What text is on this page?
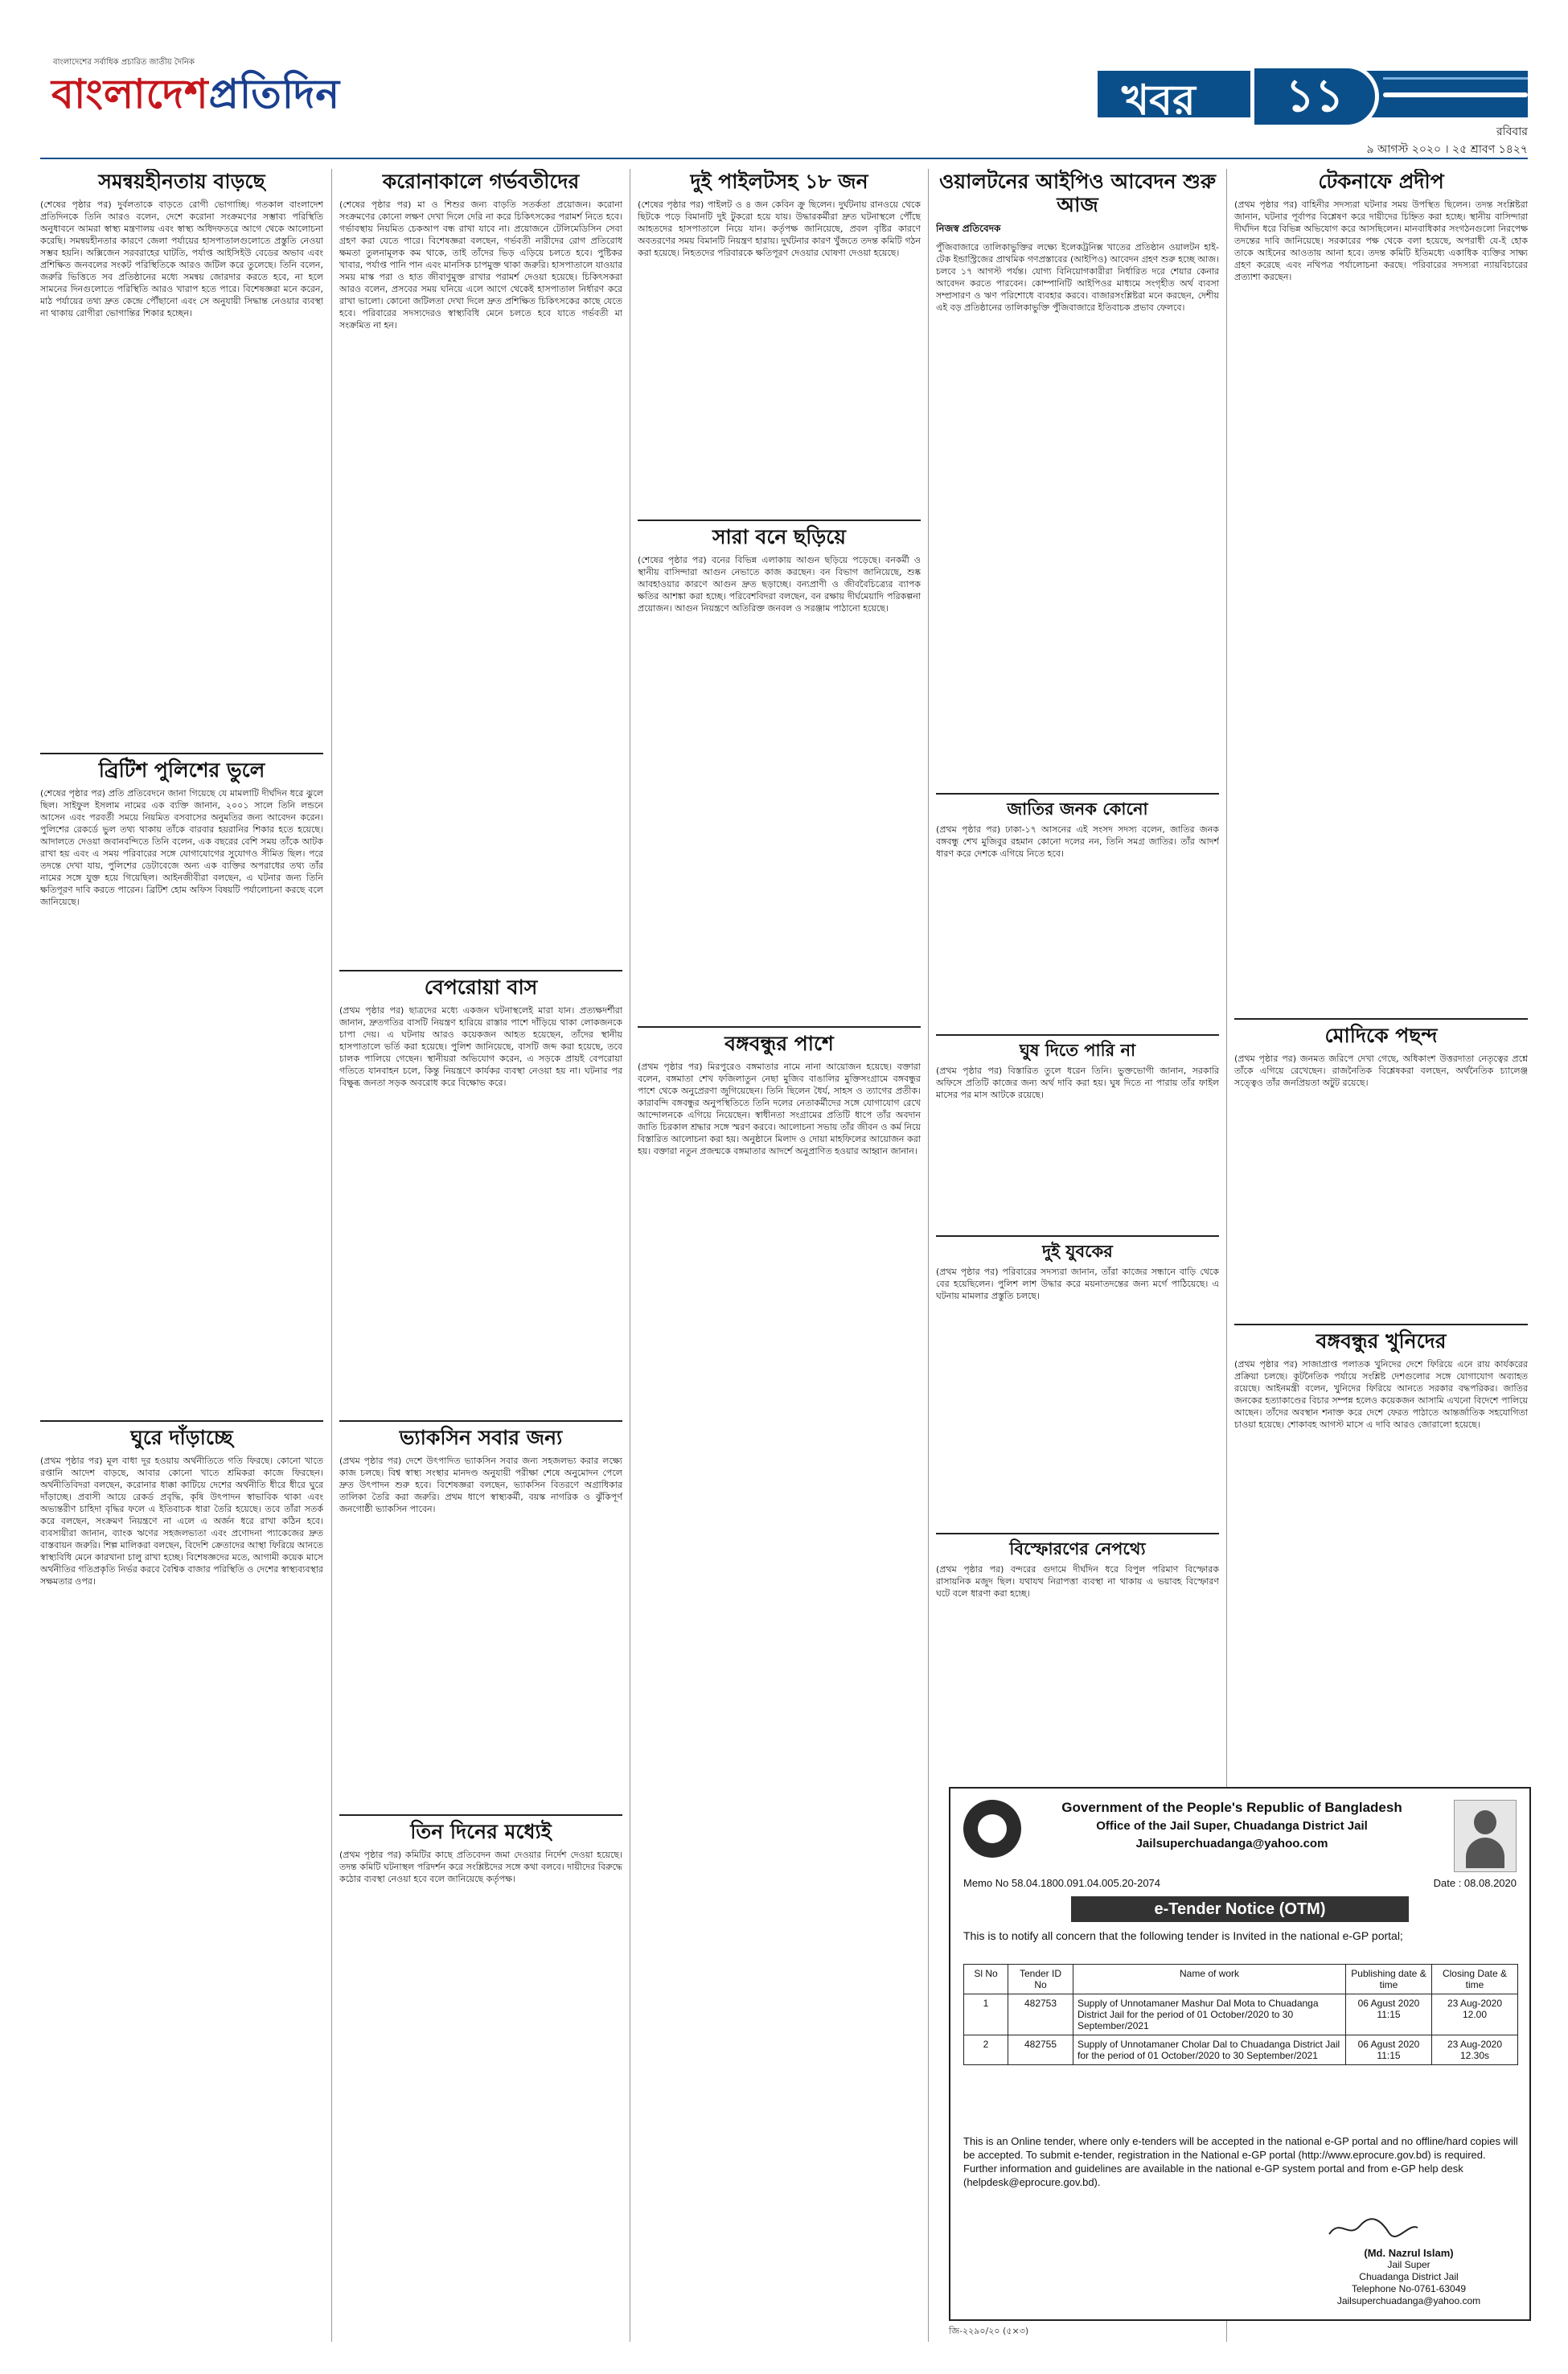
বাংলাদেশের সর্বাধিক প্রচারিত জাতীয় দৈনিক
বাংলাদেশপ্রতিদিন	খবর	১১
রবিবার
৯ আগস্ট ২০২০ । ২৫ শ্রাবণ ১৪২৭
সমন্বয়হীনতায় বাড়ছে
(শেষের পৃষ্ঠার পর) দুর্বলতাকে বাড়তে রোগী ভোগাচ্ছি। গতকাল বাংলাদেশ প্রতিদিনকে তিনি আরও বলেন, দেশে করোনা সংক্রমণের সম্ভাব্য পরিস্থিতি অনুধাবনে আমরা স্বাস্থ্য মন্ত্রণালয় এবং স্বাস্থ্য অধিদফতরে আগে থেকে আলোচনা করেছি। সমন্বয়হীনতার কারণে জেলা পর্যায়ের হাসপাতালগুলোতে প্রস্তুতি নেওয়া সম্ভব হয়নি। অক্সিজেন সরবরাহের ঘাটতি, পর্যাপ্ত আইসিইউ বেডের অভাব এবং প্রশিক্ষিত জনবলের সংকট পরিস্থিতিকে আরও জটিল করে তুলেছে। তিনি বলেন, জরুরি ভিত্তিতে সব প্রতিষ্ঠানের মধ্যে সমন্বয় জোরদার করতে হবে, না হলে সামনের দিনগুলোতে পরিস্থিতি আরও খারাপ হতে পারে। বিশেষজ্ঞরা মনে করেন, মাঠ পর্যায়ের তথ্য দ্রুত কেন্দ্রে পৌঁছানো এবং সে অনুযায়ী সিদ্ধান্ত নেওয়ার ব্যবস্থা না থাকায় রোগীরা ভোগান্তির শিকার হচ্ছেন।
ব্রিটিশ পুলিশের ভুলে
(শেষের পৃষ্ঠার পর) প্রতি প্রতিবেদনে জানা গিয়েছে যে মামলাটি দীর্ঘদিন ধরে ঝুলে ছিল। সাইফুল ইসলাম নামের এক ব্যক্তি জানান, ২০০১ সালে তিনি লন্ডনে আসেন এবং পরবর্তী সময়ে নিয়মিত বসবাসের অনুমতির জন্য আবেদন করেন। পুলিশের রেকর্ডে ভুল তথ্য থাকায় তাঁকে বারবার হয়রানির শিকার হতে হয়েছে। আদালতে দেওয়া জবানবন্দিতে তিনি বলেন, এক বছরের বেশি সময় তাঁকে আটক রাখা হয় এবং এ সময় পরিবারের সঙ্গে যোগাযোগের সুযোগও সীমিত ছিল। পরে তদন্তে দেখা যায়, পুলিশের ডেটাবেজে অন্য এক ব্যক্তির অপরাধের তথ্য তাঁর নামের সঙ্গে যুক্ত হয়ে গিয়েছিল। আইনজীবীরা বলছেন, এ ঘটনার জন্য তিনি ক্ষতিপূরণ দাবি করতে পারেন। ব্রিটিশ হোম অফিস বিষয়টি পর্যালোচনা করছে বলে জানিয়েছে।
ঘুরে দাঁড়াচ্ছে
(প্রথম পৃষ্ঠার পর) মূল বাধা দূর হওয়ায় অর্থনীতিতে গতি ফিরছে। কোনো খাতে রপ্তানি আদেশ বাড়ছে, আবার কোনো খাতে শ্রমিকরা কাজে ফিরছেন। অর্থনীতিবিদরা বলছেন, করোনার ধাক্কা কাটিয়ে দেশের অর্থনীতি ধীরে ধীরে ঘুরে দাঁড়াচ্ছে। প্রবাসী আয়ে রেকর্ড প্রবৃদ্ধি, কৃষি উৎপাদন স্বাভাবিক থাকা এবং অভ্যন্তরীণ চাহিদা বৃদ্ধির ফলে এ ইতিবাচক ধারা তৈরি হয়েছে। তবে তাঁরা সতর্ক করে বলছেন, সংক্রমণ নিয়ন্ত্রণে না এলে এ অর্জন ধরে রাখা কঠিন হবে। ব্যবসায়ীরা জানান, ব্যাংক ঋণের সহজলভ্যতা এবং প্রণোদনা প্যাকেজের দ্রুত বাস্তবায়ন জরুরি। শিল্প মালিকরা বলছেন, বিদেশি ক্রেতাদের আস্থা ফিরিয়ে আনতে স্বাস্থ্যবিধি মেনে কারখানা চালু রাখা হচ্ছে। বিশেষজ্ঞদের মতে, আগামী কয়েক মাসে অর্থনীতির গতিপ্রকৃতি নির্ভর করবে বৈশ্বিক বাজার পরিস্থিতি ও দেশের স্বাস্থ্যব্যবস্থার সক্ষমতার ওপর।
করোনাকালে গর্ভবতীদের
(শেষের পৃষ্ঠার পর) মা ও শিশুর জন্য বাড়তি সতর্কতা প্রয়োজন। করোনা সংক্রমণের কোনো লক্ষণ দেখা দিলে দেরি না করে চিকিৎসকের পরামর্শ নিতে হবে। গর্ভাবস্থায় নিয়মিত চেকআপ বন্ধ রাখা যাবে না। প্রয়োজনে টেলিমেডিসিন সেবা গ্রহণ করা যেতে পারে। বিশেষজ্ঞরা বলছেন, গর্ভবতী নারীদের রোগ প্রতিরোধ ক্ষমতা তুলনামূলক কম থাকে, তাই তাঁদের ভিড় এড়িয়ে চলতে হবে। পুষ্টিকর খাবার, পর্যাপ্ত পানি পান এবং মানসিক চাপমুক্ত থাকা জরুরি। হাসপাতালে যাওয়ার সময় মাস্ক পরা ও হাত জীবাণুমুক্ত রাখার পরামর্শ দেওয়া হয়েছে। চিকিৎসকরা আরও বলেন, প্রসবের সময় ঘনিয়ে এলে আগে থেকেই হাসপাতাল নির্ধারণ করে রাখা ভালো। কোনো জটিলতা দেখা দিলে দ্রুত প্রশিক্ষিত চিকিৎসকের কাছে যেতে হবে। পরিবারের সদস্যদেরও স্বাস্থ্যবিধি মেনে চলতে হবে যাতে গর্ভবতী মা সংক্রমিত না হন।
বেপরোয়া বাস
(প্রথম পৃষ্ঠার পর) ছাত্রদের মধ্যে একজন ঘটনাস্থলেই মারা যান। প্রত্যক্ষদর্শীরা জানান, দ্রুতগতির বাসটি নিয়ন্ত্রণ হারিয়ে রাস্তার পাশে দাঁড়িয়ে থাকা লোকজনকে চাপা দেয়। এ ঘটনায় আরও কয়েকজন আহত হয়েছেন, তাঁদের স্থানীয় হাসপাতালে ভর্তি করা হয়েছে। পুলিশ জানিয়েছে, বাসটি জব্দ করা হয়েছে, তবে চালক পালিয়ে গেছেন। স্থানীয়রা অভিযোগ করেন, এ সড়কে প্রায়ই বেপরোয়া গতিতে যানবাহন চলে, কিন্তু নিয়ন্ত্রণে কার্যকর ব্যবস্থা নেওয়া হয় না। ঘটনার পর বিক্ষুব্ধ জনতা সড়ক অবরোধ করে বিক্ষোভ করে।
ভ্যাকসিন সবার জন্য
(প্রথম পৃষ্ঠার পর) দেশে উৎপাদিত ভ্যাকসিন সবার জন্য সহজলভ্য করার লক্ষ্যে কাজ চলছে। বিশ্ব স্বাস্থ্য সংস্থার মানদণ্ড অনুযায়ী পরীক্ষা শেষে অনুমোদন পেলে দ্রুত উৎপাদন শুরু হবে। বিশেষজ্ঞরা বলছেন, ভ্যাকসিন বিতরণে অগ্রাধিকার তালিকা তৈরি করা জরুরি। প্রথম ধাপে স্বাস্থ্যকর্মী, বয়স্ক নাগরিক ও ঝুঁকিপূর্ণ জনগোষ্ঠী ভ্যাকসিন পাবেন।
তিন দিনের মধ্যেই
(প্রথম পৃষ্ঠার পর) কমিটির কাছে প্রতিবেদন জমা দেওয়ার নির্দেশ দেওয়া হয়েছে। তদন্ত কমিটি ঘটনাস্থল পরিদর্শন করে সংশ্লিষ্টদের সঙ্গে কথা বলবে। দায়ীদের বিরুদ্ধে কঠোর ব্যবস্থা নেওয়া হবে বলে জানিয়েছে কর্তৃপক্ষ।
দুই পাইলটসহ ১৮ জন
(শেষের পৃষ্ঠার পর) পাইলট ও ৪ জন কেবিন ক্রু ছিলেন। দুর্ঘটনায় রানওয়ে থেকে ছিটকে পড়ে বিমানটি দুই টুকরো হয়ে যায়। উদ্ধারকর্মীরা দ্রুত ঘটনাস্থলে পৌঁছে আহতদের হাসপাতালে নিয়ে যান। কর্তৃপক্ষ জানিয়েছে, প্রবল বৃষ্টির কারণে অবতরণের সময় বিমানটি নিয়ন্ত্রণ হারায়। দুর্ঘটনার কারণ খুঁজতে তদন্ত কমিটি গঠন করা হয়েছে। নিহতদের পরিবারকে ক্ষতিপূরণ দেওয়ার ঘোষণা দেওয়া হয়েছে।
সারা বনে ছড়িয়ে
(শেষের পৃষ্ঠার পর) বনের বিভিন্ন এলাকায় আগুন ছড়িয়ে পড়েছে। বনকর্মী ও স্থানীয় বাসিন্দারা আগুন নেভাতে কাজ করছেন। বন বিভাগ জানিয়েছে, শুষ্ক আবহাওয়ার কারণে আগুন দ্রুত ছড়াচ্ছে। বন্যপ্রাণী ও জীববৈচিত্র্যের ব্যাপক ক্ষতির আশঙ্কা করা হচ্ছে। পরিবেশবিদরা বলছেন, বন রক্ষায় দীর্ঘমেয়াদি পরিকল্পনা প্রয়োজন। আগুন নিয়ন্ত্রণে অতিরিক্ত জনবল ও সরঞ্জাম পাঠানো হয়েছে।
বঙ্গবন্ধুর পাশে
(প্রথম পৃষ্ঠার পর) মিরপুরেও বঙ্গমাতার নামে নানা আয়োজন হয়েছে। বক্তারা বলেন, বঙ্গমাতা শেখ ফজিলাতুন নেছা মুজিব বাঙালির মুক্তিসংগ্রামে বঙ্গবন্ধুর পাশে থেকে অনুপ্রেরণা জুগিয়েছেন। তিনি ছিলেন ধৈর্য, সাহস ও ত্যাগের প্রতীক। কারাবন্দি বঙ্গবন্ধুর অনুপস্থিতিতে তিনি দলের নেতাকর্মীদের সঙ্গে যোগাযোগ রেখে আন্দোলনকে এগিয়ে নিয়েছেন। স্বাধীনতা সংগ্রামের প্রতিটি ধাপে তাঁর অবদান জাতি চিরকাল শ্রদ্ধার সঙ্গে স্মরণ করবে। আলোচনা সভায় তাঁর জীবন ও কর্ম নিয়ে বিস্তারিত আলোচনা করা হয়। অনুষ্ঠানে মিলাদ ও দোয়া মাহফিলের আয়োজন করা হয়। বক্তারা নতুন প্রজন্মকে বঙ্গমাতার আদর্শে অনুপ্রাণিত হওয়ার আহ্বান জানান।
ওয়ালটনের আইপিও আবেদন শুরু আজ
নিজস্ব প্রতিবেদক
পুঁজিবাজারে তালিকাভুক্তির লক্ষ্যে ইলেকট্রনিক্স খাতের প্রতিষ্ঠান ওয়ালটন হাই-টেক ইন্ডাস্ট্রিজের প্রাথমিক গণপ্রস্তাবের (আইপিও) আবেদন গ্রহণ শুরু হচ্ছে আজ। চলবে ১৭ আগস্ট পর্যন্ত। যোগ্য বিনিয়োগকারীরা নির্ধারিত দরে শেয়ার কেনার আবেদন করতে পারবেন। কোম্পানিটি আইপিওর মাধ্যমে সংগৃহীত অর্থ ব্যবসা সম্প্রসারণ ও ঋণ পরিশোধে ব্যবহার করবে। বাজারসংশ্লিষ্টরা মনে করছেন, দেশীয় এই বড় প্রতিষ্ঠানের তালিকাভুক্তি পুঁজিবাজারে ইতিবাচক প্রভাব ফেলবে।
জাতির জনক কোনো
(প্রথম পৃষ্ঠার পর) ঢাকা-১৭ আসনের এই সংসদ সদস্য বলেন, জাতির জনক বঙ্গবন্ধু শেখ মুজিবুর রহমান কোনো দলের নন, তিনি সমগ্র জাতির। তাঁর আদর্শ ধারণ করে দেশকে এগিয়ে নিতে হবে।
ঘুষ দিতে পারি না
(প্রথম পৃষ্ঠার পর) বিস্তারিত তুলে ধরেন তিনি। ভুক্তভোগী জানান, সরকারি অফিসে প্রতিটি কাজের জন্য অর্থ দাবি করা হয়। ঘুষ দিতে না পারায় তাঁর ফাইল মাসের পর মাস আটকে রয়েছে।
দুই যুবকের
(প্রথম পৃষ্ঠার পর) পরিবারের সদস্যরা জানান, তাঁরা কাজের সন্ধানে বাড়ি থেকে বের হয়েছিলেন। পুলিশ লাশ উদ্ধার করে ময়নাতদন্তের জন্য মর্গে পাঠিয়েছে। এ ঘটনায় মামলার প্রস্তুতি চলছে।
বিস্ফোরণের নেপথ্যে
(প্রথম পৃষ্ঠার পর) বন্দরের গুদামে দীর্ঘদিন ধরে বিপুল পরিমাণ বিস্ফোরক রাসায়নিক মজুদ ছিল। যথাযথ নিরাপত্তা ব্যবস্থা না থাকায় এ ভয়াবহ বিস্ফোরণ ঘটে বলে ধারণা করা হচ্ছে।
টেকনাফে প্রদীপ
(প্রথম পৃষ্ঠার পর) বাহিনীর সদস্যরা ঘটনার সময় উপস্থিত ছিলেন। তদন্ত সংশ্লিষ্টরা জানান, ঘটনার পূর্বাপর বিশ্লেষণ করে দায়ীদের চিহ্নিত করা হচ্ছে। স্থানীয় বাসিন্দারা দীর্ঘদিন ধরে বিভিন্ন অভিযোগ করে আসছিলেন। মানবাধিকার সংগঠনগুলো নিরপেক্ষ তদন্তের দাবি জানিয়েছে। সরকারের পক্ষ থেকে বলা হয়েছে, অপরাধী যে-ই হোক তাকে আইনের আওতায় আনা হবে। তদন্ত কমিটি ইতিমধ্যে একাধিক ব্যক্তির সাক্ষ্য গ্রহণ করেছে এবং নথিপত্র পর্যালোচনা করছে। পরিবারের সদস্যরা ন্যায়বিচারের প্রত্যাশা করছেন।
মোদিকে পছন্দ
(প্রথম পৃষ্ঠার পর) জনমত জরিপে দেখা গেছে, অধিকাংশ উত্তরদাতা নেতৃত্বের প্রশ্নে তাঁকে এগিয়ে রেখেছেন। রাজনৈতিক বিশ্লেষকরা বলছেন, অর্থনৈতিক চ্যালেঞ্জ সত্ত্বেও তাঁর জনপ্রিয়তা অটুট রয়েছে।
বঙ্গবন্ধুর খুনিদের
(প্রথম পৃষ্ঠার পর) সাজাপ্রাপ্ত পলাতক খুনিদের দেশে ফিরিয়ে এনে রায় কার্যকরের প্রক্রিয়া চলছে। কূটনৈতিক পর্যায়ে সংশ্লিষ্ট দেশগুলোর সঙ্গে যোগাযোগ অব্যাহত রয়েছে। আইনমন্ত্রী বলেন, খুনিদের ফিরিয়ে আনতে সরকার বদ্ধপরিকর। জাতির জনকের হত্যাকাণ্ডের বিচার সম্পন্ন হলেও কয়েকজন আসামি এখনো বিদেশে পালিয়ে আছেন। তাঁদের অবস্থান শনাক্ত করে দেশে ফেরত পাঠাতে আন্তর্জাতিক সহযোগিতা চাওয়া হয়েছে। শোকাবহ আগস্ট মাসে এ দাবি আরও জোরালো হয়েছে।
Government of the People's Republic of Bangladesh
Office of the Jail Super, Chuadanga District Jail
Jailsuperchuadanga@yahoo.com
Memo No 58.04.1800.091.04.005.20-2074	Date : 08.08.2020
e-Tender Notice (OTM)
This is to notify all concern that the following tender is Invited in the national e-GP portal;
Sl No	Tender ID No	Name of work	Publishing date & time	Closing Date & time
1	482753	Supply of Unnotamaner Mashur Dal Mota to Chuadanga District Jail for the period of 01 October/2020 to 30 September/2021	06 Agust 2020 11:15	23 Aug-2020 12.00
2	482755	Supply of Unnotamaner Cholar Dal to Chuadanga District Jail for the period of 01 October/2020 to 30 September/2021	06 Agust 2020 11:15	23 Aug-2020 12.30s
This is an Online tender, where only e-tenders will be accepted in the national e-GP portal and no offline/hard copies will be accepted. To submit e-tender, registration in the National e-GP portal (http://www.eprocure.gov.bd) is required. Further information and guidelines are available in the national e-GP system portal and from e-GP help desk (helpdesk@eprocure.gov.bd).
(Md. Nazrul Islam)
Jail Super
Chuadanga District Jail
Telephone No-0761-63049
Jailsuperchuadanga@yahoo.com
জি-২২৯০/২০ (৫×৩)
